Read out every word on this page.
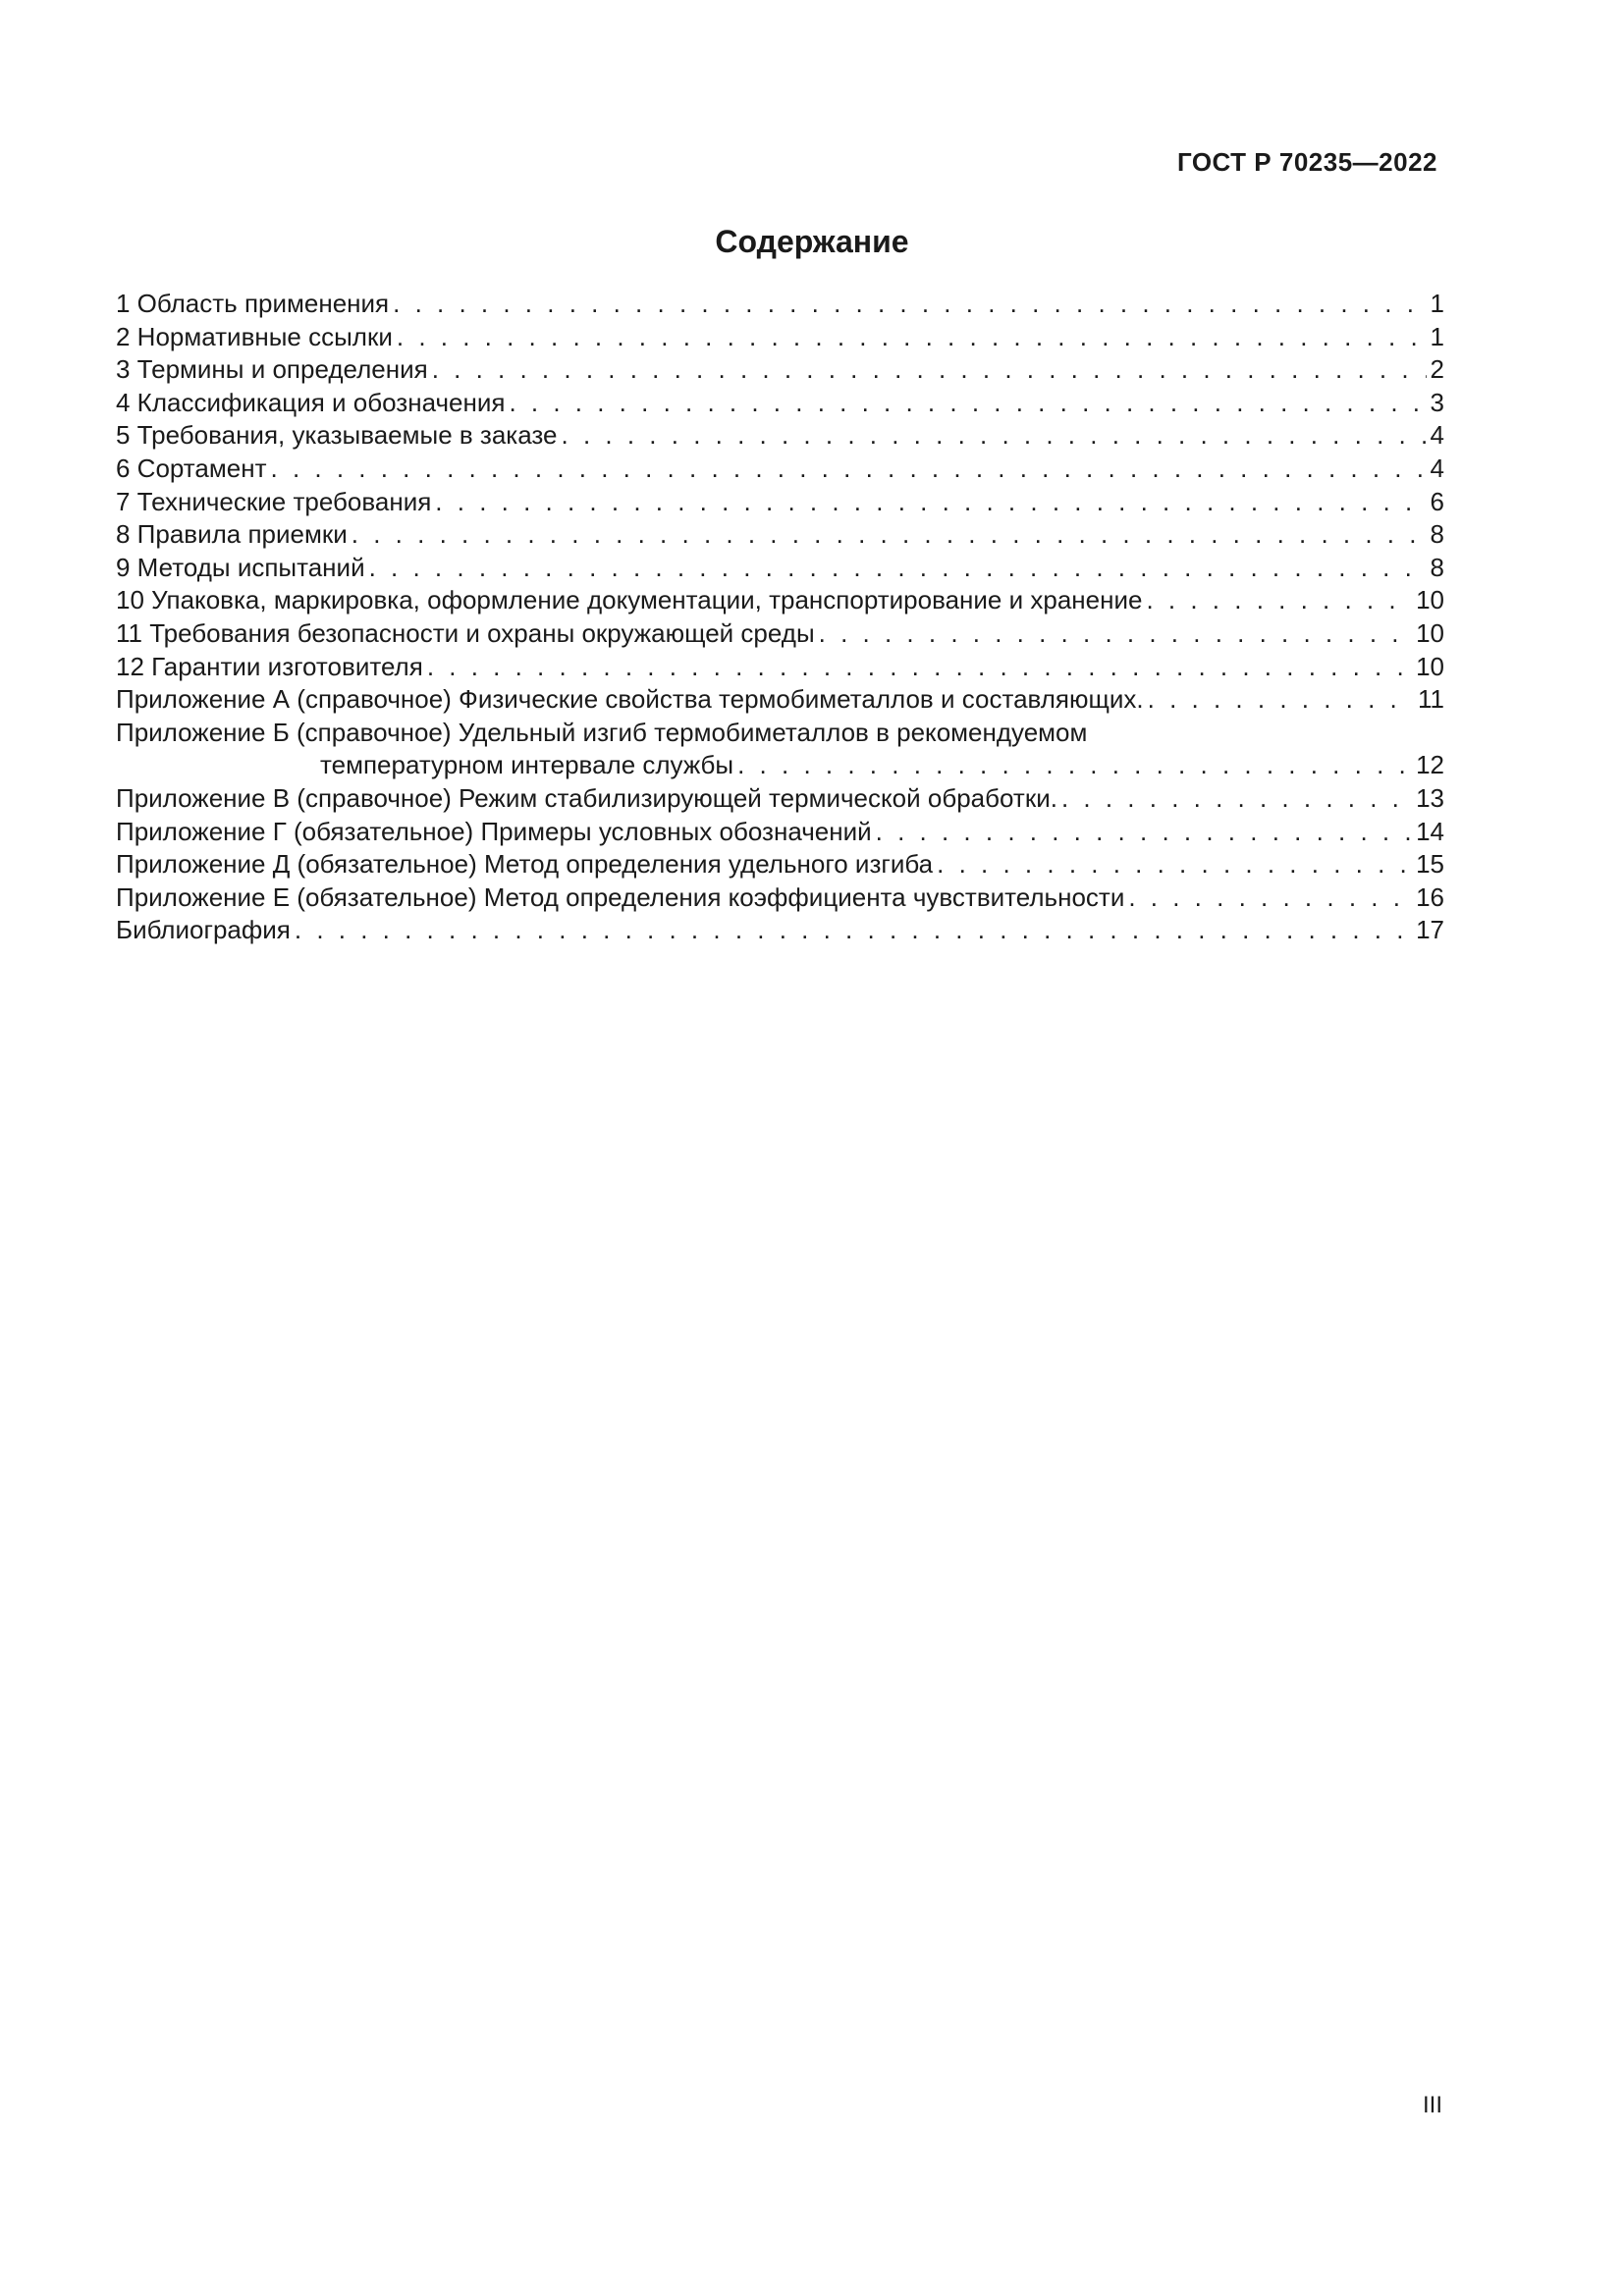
ГОСТ Р 70235—2022
Содержание
1 Область применения . . .	1
2 Нормативные ссылки . . .	1
3 Термины и определения . . .	2
4 Классификация и обозначения . . .	3
5 Требования, указываемые в заказе . . .	4
6 Сортамент . . .	4
7 Технические требования . . .	6
8 Правила приемки . . .	8
9 Методы испытаний . . .	8
10 Упаковка, маркировка, оформление документации, транспортирование и хранение . . .	10
11 Требования безопасности и охраны окружающей среды . . .	10
12 Гарантии изготовителя . . .	10
Приложение А (справочное) Физические свойства термобиметаллов и составляющих. . . .	11
Приложение Б (справочное) Удельный изгиб термобиметаллов в рекомендуемом
температурном интервале службы . . .	12
Приложение В (справочное) Режим стабилизирующей термической обработки. . . .	13
Приложение Г (обязательное) Примеры условных обозначений . . .	14
Приложение Д (обязательное) Метод определения удельного изгиба . . .	15
Приложение Е (обязательное) Метод определения коэффициента чувствительности . . .	16
Библиография . . .	17
III
